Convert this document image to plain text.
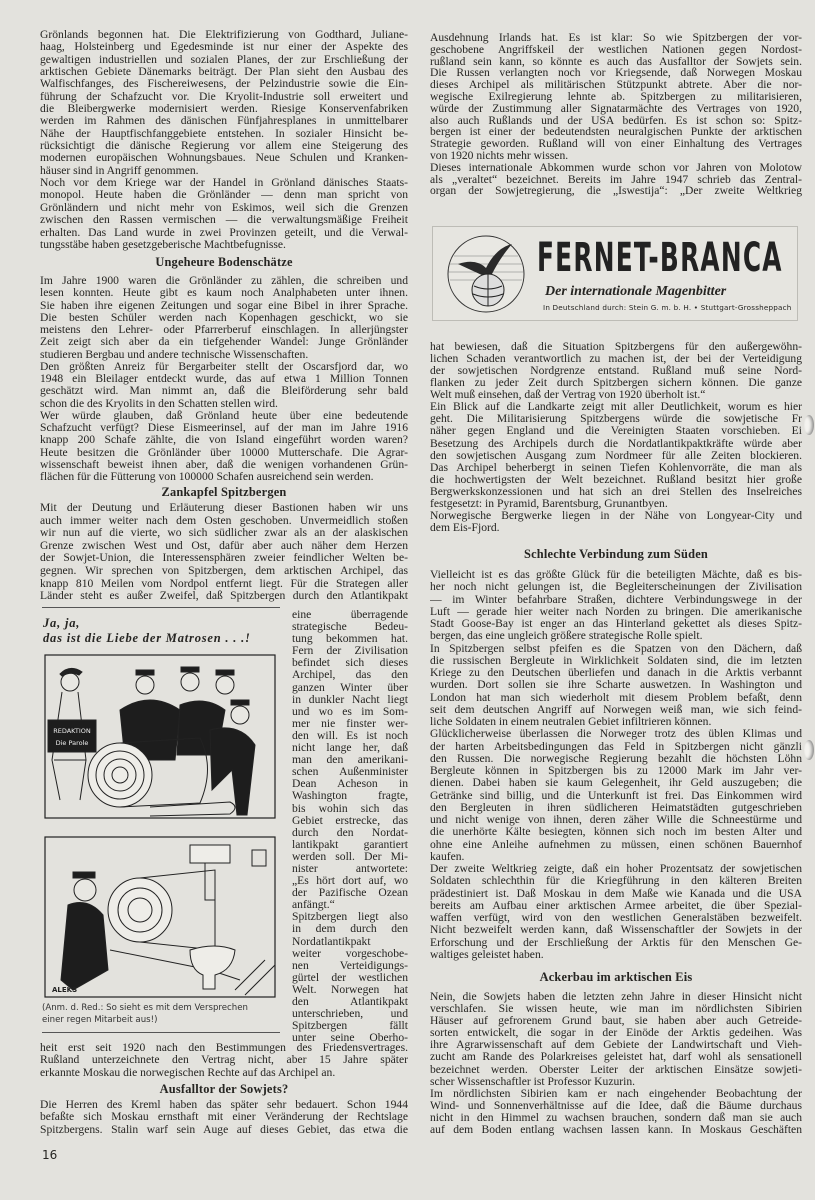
Grönlands begonnen hat. Die Elektrifizierung von Godthard, Juliane-
haag, Holsteinberg und Egedesminde ist nur einer der Aspekte des
gewaltigen industriellen und sozialen Planes, der zur Erschließung der
arktischen Gebiete Dänemarks beiträgt. Der Plan sieht den Ausbau des
Walfischfanges, des Fischereiwesens, der Pelzindustrie sowie die Ein-
führung der Schafzucht vor. Die Kryolit-Industrie soll erweitert und
die Bleibergwerke modernisiert werden. Riesige Konservenfabriken
werden im Rahmen des dänischen Fünfjahresplanes in unmittelbarer
Nähe der Hauptfischfanggebiete entstehen. In sozialer Hinsicht be-
rücksichtigt die dänische Regierung vor allem eine Steigerung des
modernen europäischen Wohnungsbaues. Neue Schulen und Kranken-
häuser sind in Angriff genommen.
Noch vor dem Kriege war der Handel in Grönland dänisches Staats-
monopol. Heute haben die Grönländer — denn man spricht von
Grönländern und nicht mehr von Eskimos, weil sich die Grenzen
zwischen den Rassen vermischen — die verwaltungsmäßige Freiheit
erhalten. Das Land wurde in zwei Provinzen geteilt, und die Verwal-
tungsstäbe haben gesetzgeberische Machtbefugnisse.
Ungeheure Bodenschätze
Im Jahre 1900 waren die Grönländer zu zählen, die schreiben und
lesen konnten. Heute gibt es kaum noch Analphabeten unter ihnen.
Sie haben ihre eigenen Zeitungen und sogar eine Bibel in ihrer Sprache.
Die besten Schüler werden nach Kopenhagen geschickt, wo sie
meistens den Lehrer- oder Pfarrerberuf einschlagen. In allerjüngster
Zeit zeigt sich aber da ein tiefgehender Wandel: Junge Grönländer
studieren Bergbau und andere technische Wissenschaften.
Den größten Anreiz für Bergarbeiter stellt der Oscarsfjord dar, wo
1948 ein Bleilager entdeckt wurde, das auf etwa 1 Million Tonnen
geschätzt wird. Man nimmt an, daß die Bleiförderung sehr bald
schon die des Kryolits in den Schatten stellen wird.
Wer würde glauben, daß Grönland heute über eine bedeutende
Schafzucht verfügt? Diese Eismeerinsel, auf der man im Jahre 1916
knapp 200 Schafe zählte, die von Island eingeführt worden waren?
Heute besitzen die Grönländer über 10000 Mutterschafe. Die Agrar-
wissenschaft beweist ihnen aber, daß die wenigen vorhandenen Grün-
flächen für die Fütterung von 100000 Schafen ausreichend sein werden.
Zankapfel Spitzbergen
Mit der Deutung und Erläuterung dieser Bastionen haben wir uns
auch immer weiter nach dem Osten geschoben. Unvermeidlich stoßen
wir nun auf die vierte, wo sich südlicher zwar als an der alaskischen
Grenze zwischen West und Ost, dafür aber auch näher dem Herzen
der Sowjet-Union, die Interessensphären zweier feindlicher Welten be-
gegnen. Wir sprechen von Spitzbergen, dem arktischen Archipel, das
knapp 810 Meilen vom Nordpol entfernt liegt. Für die Strategen aller
Länder steht es außer Zweifel, daß Spitzbergen durch den Atlantikpakt
Ja, ja,
das ist die Liebe der Matrosen . . .!
REDAKTION
Die Parole
ALEKS
(Anm. d. Red.: So sieht es mit dem Versprechen
einer regen Mitarbeit aus!)
eine überragende
strategische Bedeu-
tung bekommen hat.
Fern der Zivilisation
befindet sich dieses
Archipel, das den
ganzen Winter über
in dunkler Nacht liegt
und wo es im Som-
mer nie finster wer-
den will. Es ist noch
nicht lange her, daß
man den amerikani-
schen Außenminister
Dean Acheson in
Washington fragte,
bis wohin sich das
Gebiet erstrecke, das
durch den Nordat-
lantikpakt garantiert
werden soll. Der Mi-
nister antwortete:
„Es hört dort auf, wo
der Pazifische Ozean
anfängt.“
Spitzbergen liegt also
in dem durch den
Nordatlantikpakt
weiter vorgeschobe-
nen Verteidigungs-
gürtel der westlichen
Welt. Norwegen hat
den Atlantikpakt
unterschrieben, und
Spitzbergen fällt
unter seine Oberho-
heit erst seit 1920 nach den Bestimmungen des Friedensvertrages.
Rußland unterzeichnete den Vertrag nicht, aber 15 Jahre später
erkannte Moskau die norwegischen Rechte auf das Archipel an.
Ausfalltor der Sowjets?
Die Herren des Kreml haben das später sehr bedauert. Schon 1944
befaßte sich Moskau ernsthaft mit einer Veränderung der Rechtslage
Spitzbergens. Stalin warf sein Auge auf dieses Gebiet, das etwa die
16
Ausdehnung Irlands hat. Es ist klar: So wie Spitzbergen der vor-
geschobene Angriffskeil der westlichen Nationen gegen Nordost-
rußland sein kann, so könnte es auch das Ausfalltor der Sowjets sein.
Die Russen verlangten noch vor Kriegsende, daß Norwegen Moskau
dieses Archipel als militärischen Stützpunkt abtrete. Aber die nor-
wegische Exilregierung lehnte ab. Spitzbergen zu militarisieren,
würde der Zustimmung aller Signatarmächte des Vertrages von 1920,
also auch Rußlands und der USA bedürfen. Es ist schon so: Spitz-
bergen ist einer der bedeutendsten neuralgischen Punkte der arktischen
Strategie geworden. Rußland will von einer Einhaltung des Vertrages
von 1920 nichts mehr wissen.
Dieses internationale Abkommen wurde schon vor Jahren von Molotow
als „veraltet“ bezeichnet. Bereits im Jahre 1947 schrieb das Zentral-
organ der Sowjetregierung, die „Iswestija“: „Der zweite Weltkrieg
FERNET-BRANCA
Der internationale Magenbitter
In Deutschland durch: Stein G. m. b. H. • Stuttgart-Grossheppach
hat bewiesen, daß die Situation Spitzbergens für den außergewöhn-
lichen Schaden verantwortlich zu machen ist, der bei der Verteidigung
der sowjetischen Nordgrenze entstand. Rußland muß seine Nord-
flanken zu jeder Zeit durch Spitzbergen sichern können. Die ganze
Welt muß einsehen, daß der Vertrag von 1920 überholt ist.“
Ein Blick auf die Landkarte zeigt mit aller Deutlichkeit, worum es hier
geht. Die Militarisierung Spitzbergens würde die sowjetische Fr
näher gegen England und die Vereinigten Staaten vorschieben. Ei
Besetzung des Archipels durch die Nordatlantikpaktkräfte würde aber
den sowjetischen Ausgang zum Nordmeer für alle Zeiten blockieren.
Das Archipel beherbergt in seinen Tiefen Kohlenvorräte, die man als
die hochwertigsten der Welt bezeichnet. Rußland besitzt hier große
Bergwerkskonzessionen und hat sich an drei Stellen des Inselreiches
festgesetzt: in Pyramid, Barentsburg, Grunantbyen.
Norwegische Bergwerke liegen in der Nähe von Longyear-City und
dem Eis-Fjord.
Schlechte Verbindung zum Süden
Vielleicht ist es das größte Glück für die beteiligten Mächte, daß es bis-
her noch nicht gelungen ist, die Begleiterscheinungen der Zivilisation
— im Winter befahrbare Straßen, dichtere Verbindungswege in der
Luft — gerade hier weiter nach Norden zu bringen. Die amerikanische
Stadt Goose-Bay ist enger an das Hinterland gekettet als dieses Spitz-
bergen, das eine ungleich größere strategische Rolle spielt.
In Spitzbergen selbst pfeifen es die Spatzen von den Dächern, daß
die russischen Bergleute in Wirklichkeit Soldaten sind, die im letzten
Kriege zu den Deutschen überliefen und danach in die Arktis verbannt
wurden. Dort sollen sie ihre Scharte auswetzen. In Washington und
London hat man sich wiederholt mit diesem Problem befaßt, denn
seit dem deutschen Angriff auf Norwegen weiß man, wie sich feind-
liche Soldaten in einem neutralen Gebiet infiltrieren können.
Glücklicherweise überlassen die Norweger trotz des üblen Klimas und
der harten Arbeitsbedingungen das Feld in Spitzbergen nicht gänzli
den Russen. Die norwegische Regierung bezahlt die höchsten Löhn
Bergleute können in Spitzbergen bis zu 12000 Mark im Jahr ver-
dienen. Dabei haben sie kaum Gelegenheit, ihr Geld auszugeben; die
Getränke sind billig, und die Unterkunft ist frei. Das Einkommen wird
den Bergleuten in ihren südlicheren Heimatstädten gutgeschrieben
und nicht wenige von ihnen, deren zäher Wille die Schneestürme und
die unerhörte Kälte besiegten, können sich noch im besten Alter und
ohne eine Anleihe aufnehmen zu müssen, einen schönen Bauernhof
kaufen.
Der zweite Weltkrieg zeigte, daß ein hoher Prozentsatz der sowjetischen
Soldaten schlechthin für die Kriegführung in den kälteren Breiten
prädestiniert ist. Daß Moskau in dem Maße wie Kanada und die USA
bereits am Aufbau einer arktischen Armee arbeitet, die über Spezial-
waffen verfügt, wird von den westlichen Generalstäben bezweifelt.
Nicht bezweifelt werden kann, daß Wissenschaftler der Sowjets in der
Erforschung und der Erschließung der Arktis für den Menschen Ge-
waltiges geleistet haben.
Ackerbau im arktischen Eis
Nein, die Sowjets haben die letzten zehn Jahre in dieser Hinsicht nicht
verschlafen. Sie wissen heute, wie man im nördlichsten Sibirien
Häuser auf gefrorenem Grund baut, sie haben aber auch Getreide-
sorten entwickelt, die sogar in der Einöde der Arktis gedeihen. Was
ihre Agrarwissenschaft auf dem Gebiete der Landwirtschaft und Vieh-
zucht am Rande des Polarkreises geleistet hat, darf wohl als sensationell
bezeichnet werden. Oberster Leiter der arktischen Einsätze sowjeti-
scher Wissenschaftler ist Professor Kuzurin.
Im nördlichsten Sibirien kam er nach eingehender Beobachtung der
Wind- und Sonnenverhältnisse auf die Idee, daß die Bäume durchaus
nicht in den Himmel zu wachsen brauchen, sondern daß man sie auch
auf dem Boden entlang wachsen lassen kann. In Moskaus Geschäften
